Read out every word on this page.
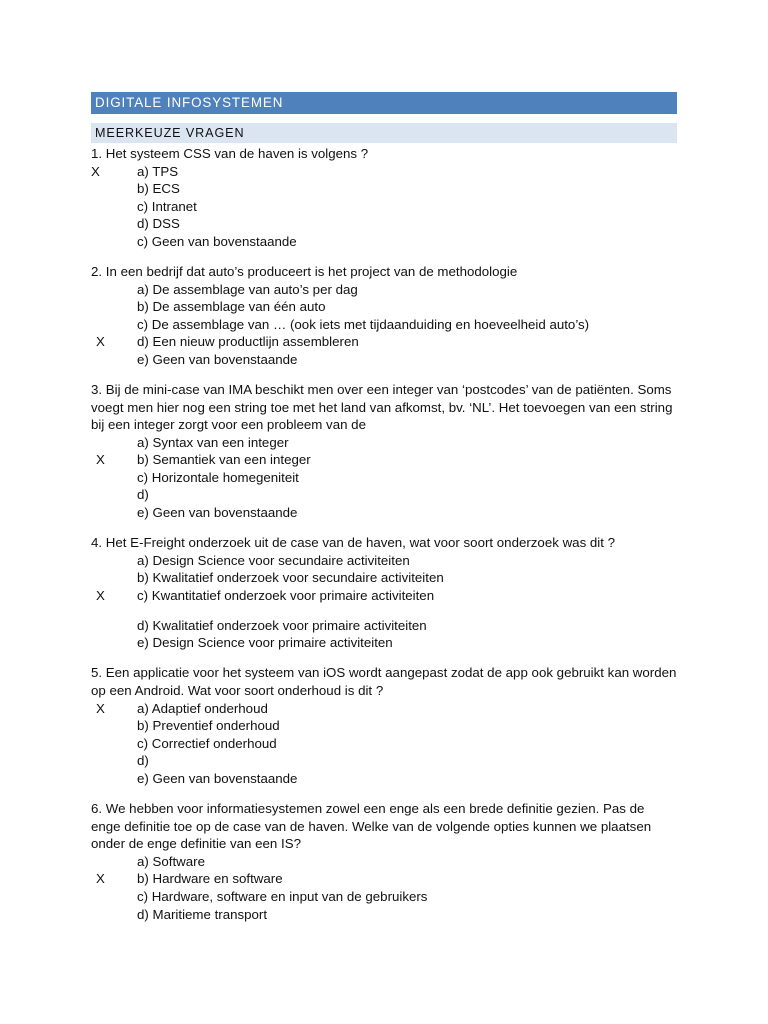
DIGITALE INFOSYSTEMEN
MEERKEUZE VRAGEN

1. Het systeem CSS van de haven is volgens ?

X	a) TPS
b) ECS
c) Intranet
d) DSS
c) Geen van bovenstaande

2. In een bedrijf dat auto’s produceert is het project van de methodologie

a) De assemblage van auto’s per dag
b) De assemblage van één auto
c) De assemblage van … (ook iets met tijdaanduiding en hoeveelheid auto’s)
X d) Een nieuw productlijn assembleren
e) Geen van bovenstaande

3. Bij de mini-case van IMA beschikt men over een integer van ‘postcodes’ van de patiënten. Soms voegt men hier nog een string toe met het land van afkomst, bv. ‘NL’. Het toevoegen van een string bij een integer zorgt voor een probleem van de

a) Syntax van een integer
X b) Semantiek van een integer
c) Horizontale homegeniteit
d)
e) Geen van bovenstaande

4. Het E-Freight onderzoek uit de case van de haven, wat voor soort onderzoek was dit ?

a) Design Science voor secundaire activiteiten
b) Kwalitatief onderzoek voor secundaire activiteiten
X c) Kwantitatief onderzoek voor primaire activiteiten
d) Kwalitatief onderzoek voor primaire activiteiten
e) Design Science voor primaire activiteiten

5. Een applicatie voor het systeem van iOS wordt aangepast zodat de app ook gebruikt kan worden op een Android. Wat voor soort onderhoud is dit ?

X a) Adaptief onderhoud
b) Preventief onderhoud
c) Correctief onderhoud
d)
e) Geen van bovenstaande

6. We hebben voor informatiesystemen zowel een enge als een brede definitie gezien. Pas de enge definitie toe op de case van de haven. Welke van de volgende opties kunnen we plaatsen onder de enge definitie van een IS?

a) Software
X b) Hardware en software
c) Hardware, software en input van de gebruikers
d) Maritieme transport
